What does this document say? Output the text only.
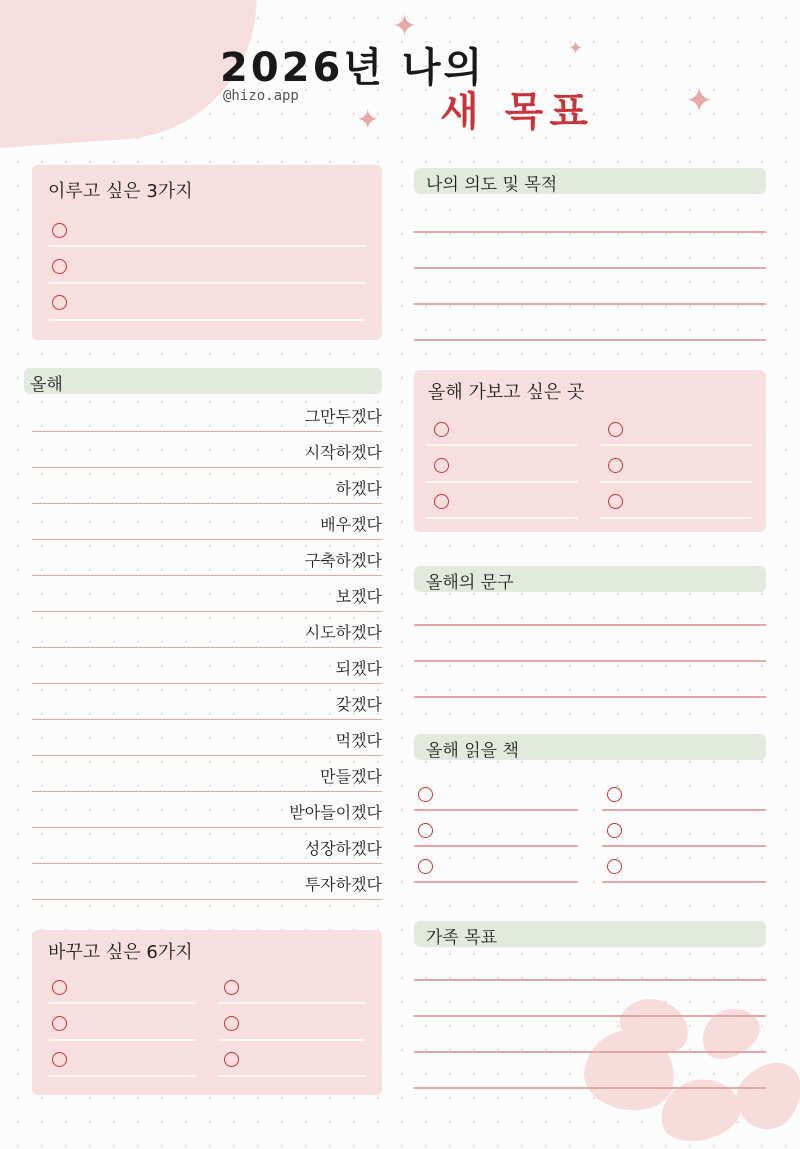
✦
✦
✦
✦
2026년 나의
새 목표
@hizo.app
이루고 싶은 3가지
올해
그만두겠다
시작하겠다
하겠다
배우겠다
구축하겠다
보겠다
시도하겠다
되겠다
갖겠다
먹겠다
만들겠다
받아들이겠다
성장하겠다
투자하겠다
바꾸고 싶은 6가지
나의 의도 및 목적
올해 가보고 싶은 곳
올해의 문구
올해 읽을 책
가족 목표
